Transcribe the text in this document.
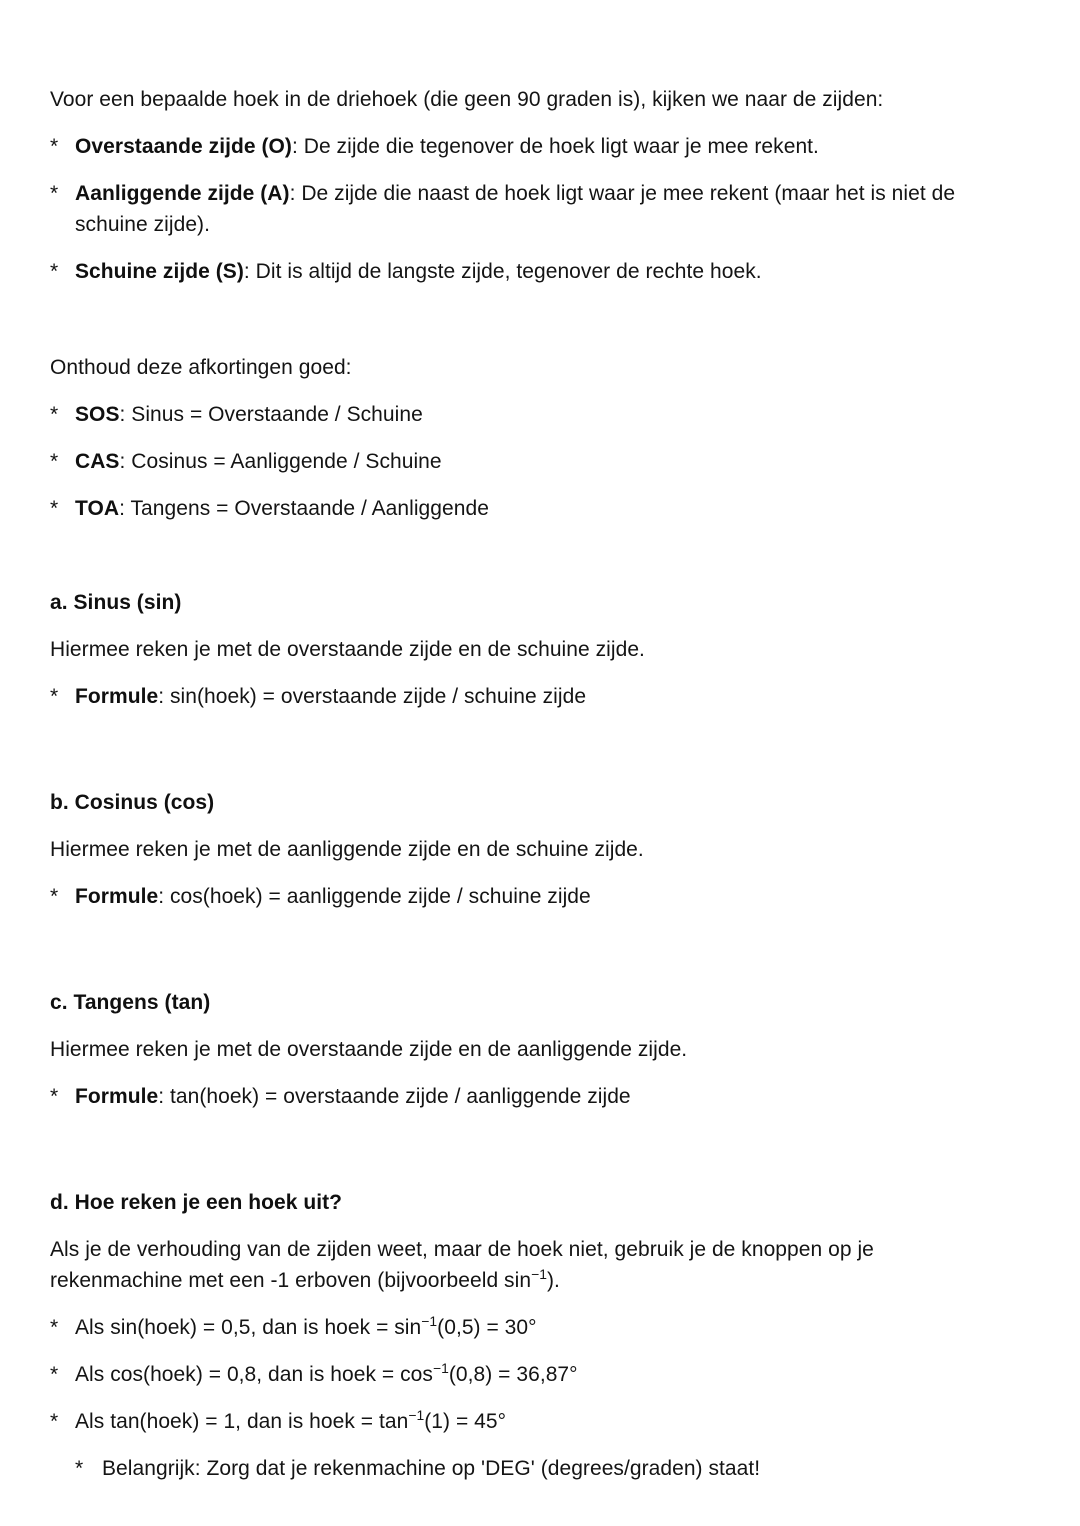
Voor een bepaalde hoek in de driehoek (die geen 90 graden is), kijken we naar de zijden:

* Overstaande zijde (O): De zijde die tegenover de hoek ligt waar je mee rekent.
* Aanliggende zijde (A): De zijde die naast de hoek ligt waar je mee rekent (maar het is niet de schuine zijde).
* Schuine zijde (S): Dit is altijd de langste zijde, tegenover de rechte hoek.

Onthoud deze afkortingen goed:

* SOS: Sinus = Overstaande / Schuine
* CAS: Cosinus = Aanliggende / Schuine
* TOA: Tangens = Overstaande / Aanliggende

a. Sinus (sin)

Hiermee reken je met de overstaande zijde en de schuine zijde.

* Formule: sin(hoek) = overstaande zijde / schuine zijde

b. Cosinus (cos)

Hiermee reken je met de aanliggende zijde en de schuine zijde.

* Formule: cos(hoek) = aanliggende zijde / schuine zijde

c. Tangens (tan)

Hiermee reken je met de overstaande zijde en de aanliggende zijde.

* Formule: tan(hoek) = overstaande zijde / aanliggende zijde

d. Hoe reken je een hoek uit?

Als je de verhouding van de zijden weet, maar de hoek niet, gebruik je de knoppen op je rekenmachine met een -1 erboven (bijvoorbeeld $\sin^{-1}$).

* Als sin(hoek) = 0,5, dan is hoek = $\sin^{-1}(0,5) = 30^\circ$
* Als cos(hoek) = 0,8, dan is hoek = $\cos^{-1}(0,8) = 36,87^\circ$
* Als tan(hoek) = 1, dan is hoek = $\tan^{-1}(1) = 45^\circ$
* Belangrijk: Zorg dat je rekenmachine op 'DEG' (degrees/graden) staat!
